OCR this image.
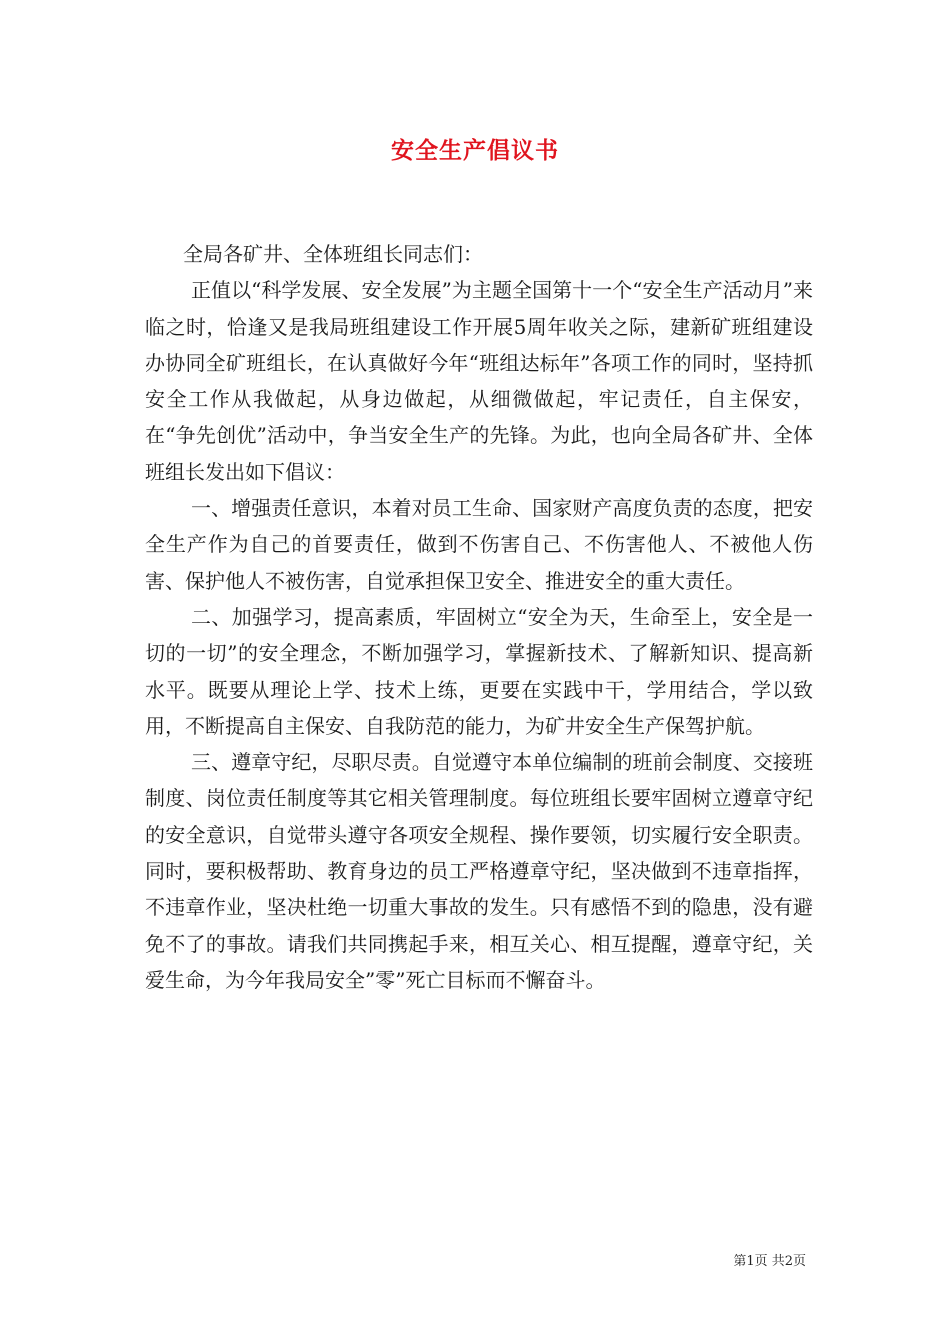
安全生产倡议书

全局各矿井、全体班组长同志们：

正值以“科学发展、安全发展”为主题全国第十一个“安全生产活动月”来临之时，恰逢又是我局班组建设工作开展5周年收关之际，建新矿班组建设办协同全矿班组长，在认真做好今年“班组达标年”各项工作的同时，坚持抓安全工作从我做起，从身边做起，从细微做起，牢记责任，自主保安，在“争先创优”活动中，争当安全生产的先锋。为此，也向全局各矿井、全体班组长发出如下倡议：

一、增强责任意识，本着对员工生命、国家财产高度负责的态度，把安全生产作为自己的首要责任，做到不伤害自己、不伤害他人、不被他人伤害、保护他人不被伤害，自觉承担保卫安全、推进安全的重大责任。

二、加强学习，提高素质，牢固树立“安全为天，生命至上，安全是一切的一切”的安全理念，不断加强学习，掌握新技术、了解新知识、提高新水平。既要从理论上学、技术上练，更要在实践中干，学用结合，学以致用，不断提高自主保安、自我防范的能力，为矿井安全生产保驾护航。

三、遵章守纪，尽职尽责。自觉遵守本单位编制的班前会制度、交接班制度、岗位责任制度等其它相关管理制度。每位班组长要牢固树立遵章守纪的安全意识，自觉带头遵守各项安全规程、操作要领，切实履行安全职责。同时，要积极帮助、教育身边的员工严格遵章守纪，坚决做到不违章指挥，不违章作业，坚决杜绝一切重大事故的发生。只有感悟不到的隐患，没有避免不了的事故。请我们共同携起手来，相互关心、相互提醒，遵章守纪，关爱生命，为今年我局安全”零”死亡目标而不懈奋斗。

第1页 共2页
